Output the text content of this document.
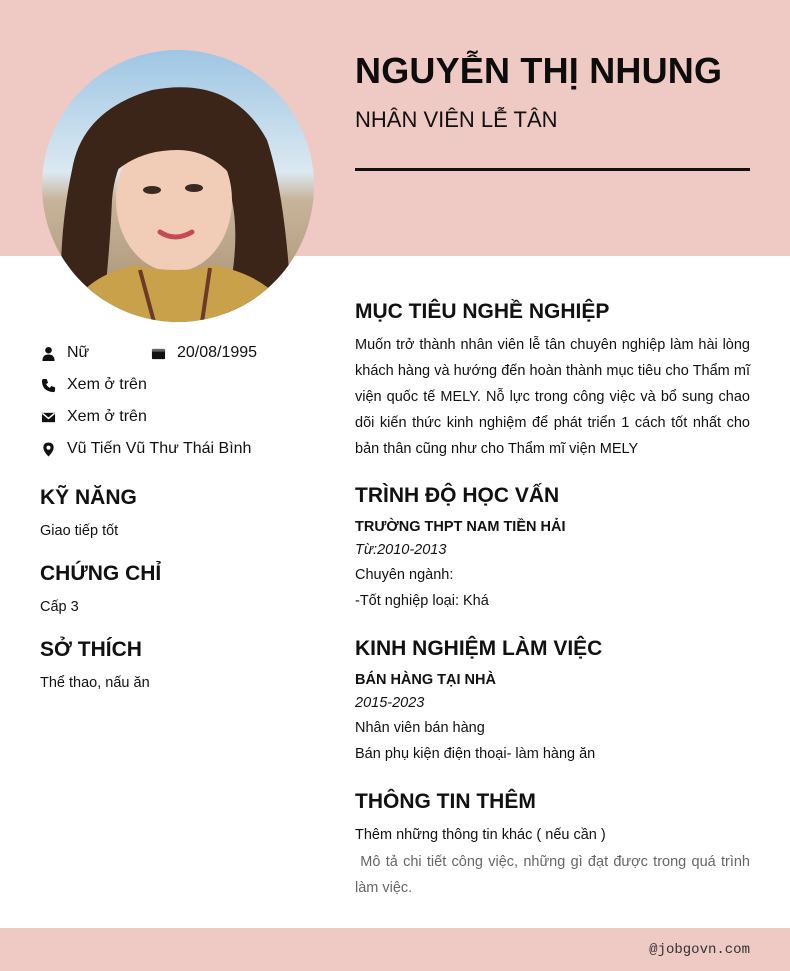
NGUYỄN THỊ NHUNG
NHÂN VIÊN LỄ TÂN
Nữ	20/08/1995
Xem ở trên
Xem ở trên
Vũ Tiến Vũ Thư Thái Bình
KỸ NĂNG
Giao tiếp tốt
CHỨNG CHỈ
Cấp 3
SỞ THÍCH
Thể thao, nấu ăn
MỤC TIÊU NGHỀ NGHIỆP
Muốn trở thành nhân viên lễ tân chuyên nghiệp làm hài lòng khách hàng và hướng đến hoàn thành mục tiêu cho Thẩm mĩ viện quốc tế MELY. Nỗ lực trong công việc và bổ sung chao dõi kiến thức kinh nghiệm để phát triển 1 cách tốt nhất cho bản thân cũng như cho Thẩm mĩ viện MELY
TRÌNH ĐỘ HỌC VẤN
TRƯỜNG THPT NAM TIỀN HẢI
Từ:2010-2013
Chuyên ngành:
-Tốt nghiệp loại: Khá
KINH NGHIỆM LÀM VIỆC
BÁN HÀNG TẠI NHÀ
2015-2023
Nhân viên bán hàng
Bán phụ kiện điện thoại- làm hàng ăn
THÔNG TIN THÊM
Thêm những thông tin khác ( nếu cần )
Mô tả chi tiết công việc, những gì đạt được trong quá trình làm việc.
@jobgovn.com
